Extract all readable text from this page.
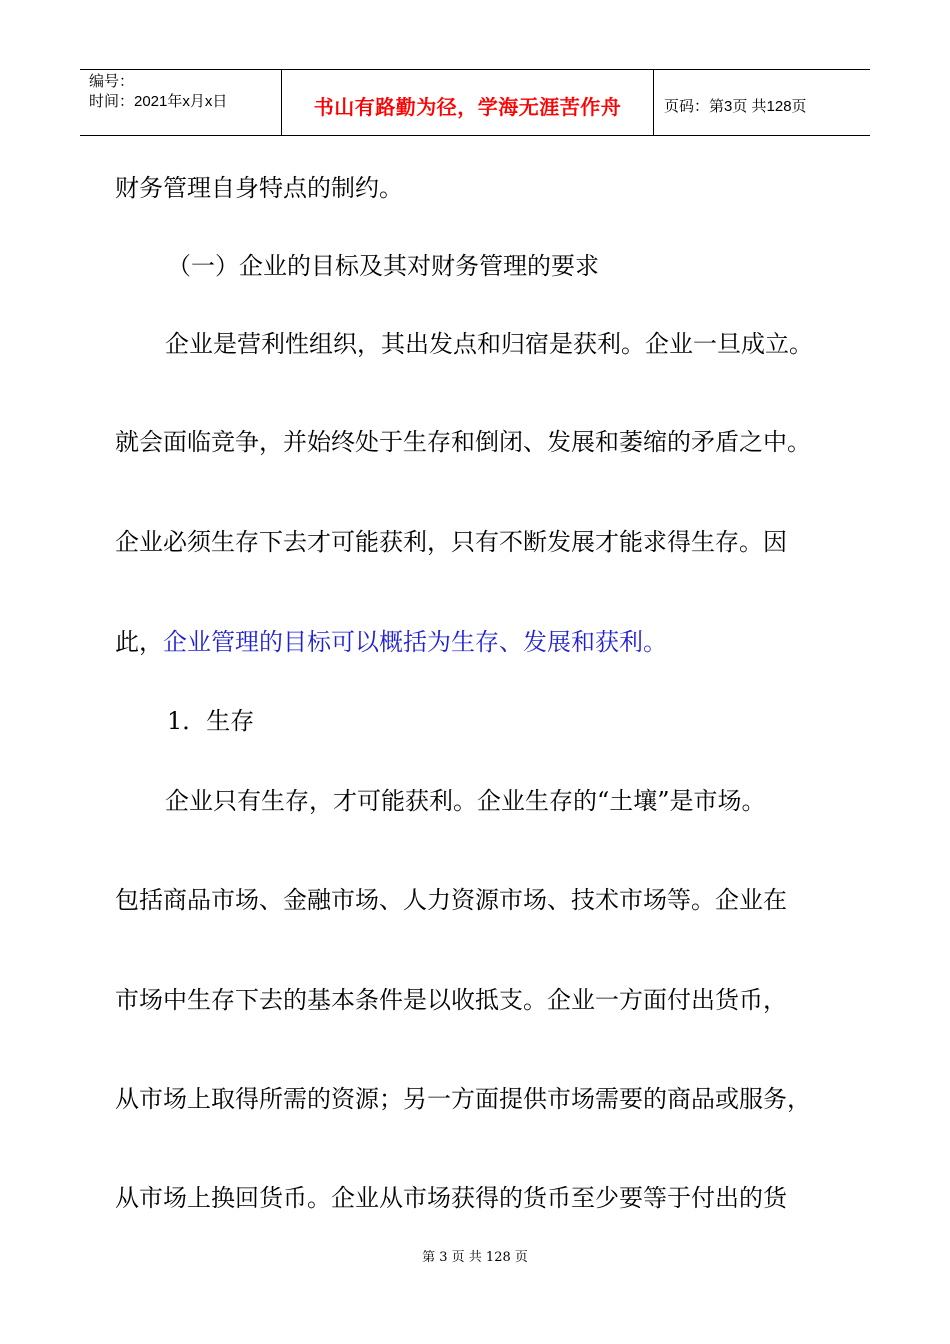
编号：
时间：2021年x月x日	书山有路勤为径，学海无涯苦作舟	页码：第3页 共128页
财务管理自身特点的制约。
（一）企业的目标及其对财务管理的要求
企业是营利性组织，其出发点和归宿是获利。企业一旦成立。
就会面临竞争，并始终处于生存和倒闭、发展和萎缩的矛盾之中。
企业必须生存下去才可能获利，只有不断发展才能求得生存。因
此，企业管理的目标可以概括为生存、发展和获利。
1．生存
企业只有生存，才可能获利。企业生存的“土壤”是市场。
包括商品市场、金融市场、人力资源市场、技术市场等。企业在
市场中生存下去的基本条件是以收抵支。企业一方面付出货币，
从市场上取得所需的资源；另一方面提供市场需要的商品或服务，
从市场上换回货币。企业从市场获得的货币至少要等于付出的货
第 3 页 共 128 页
